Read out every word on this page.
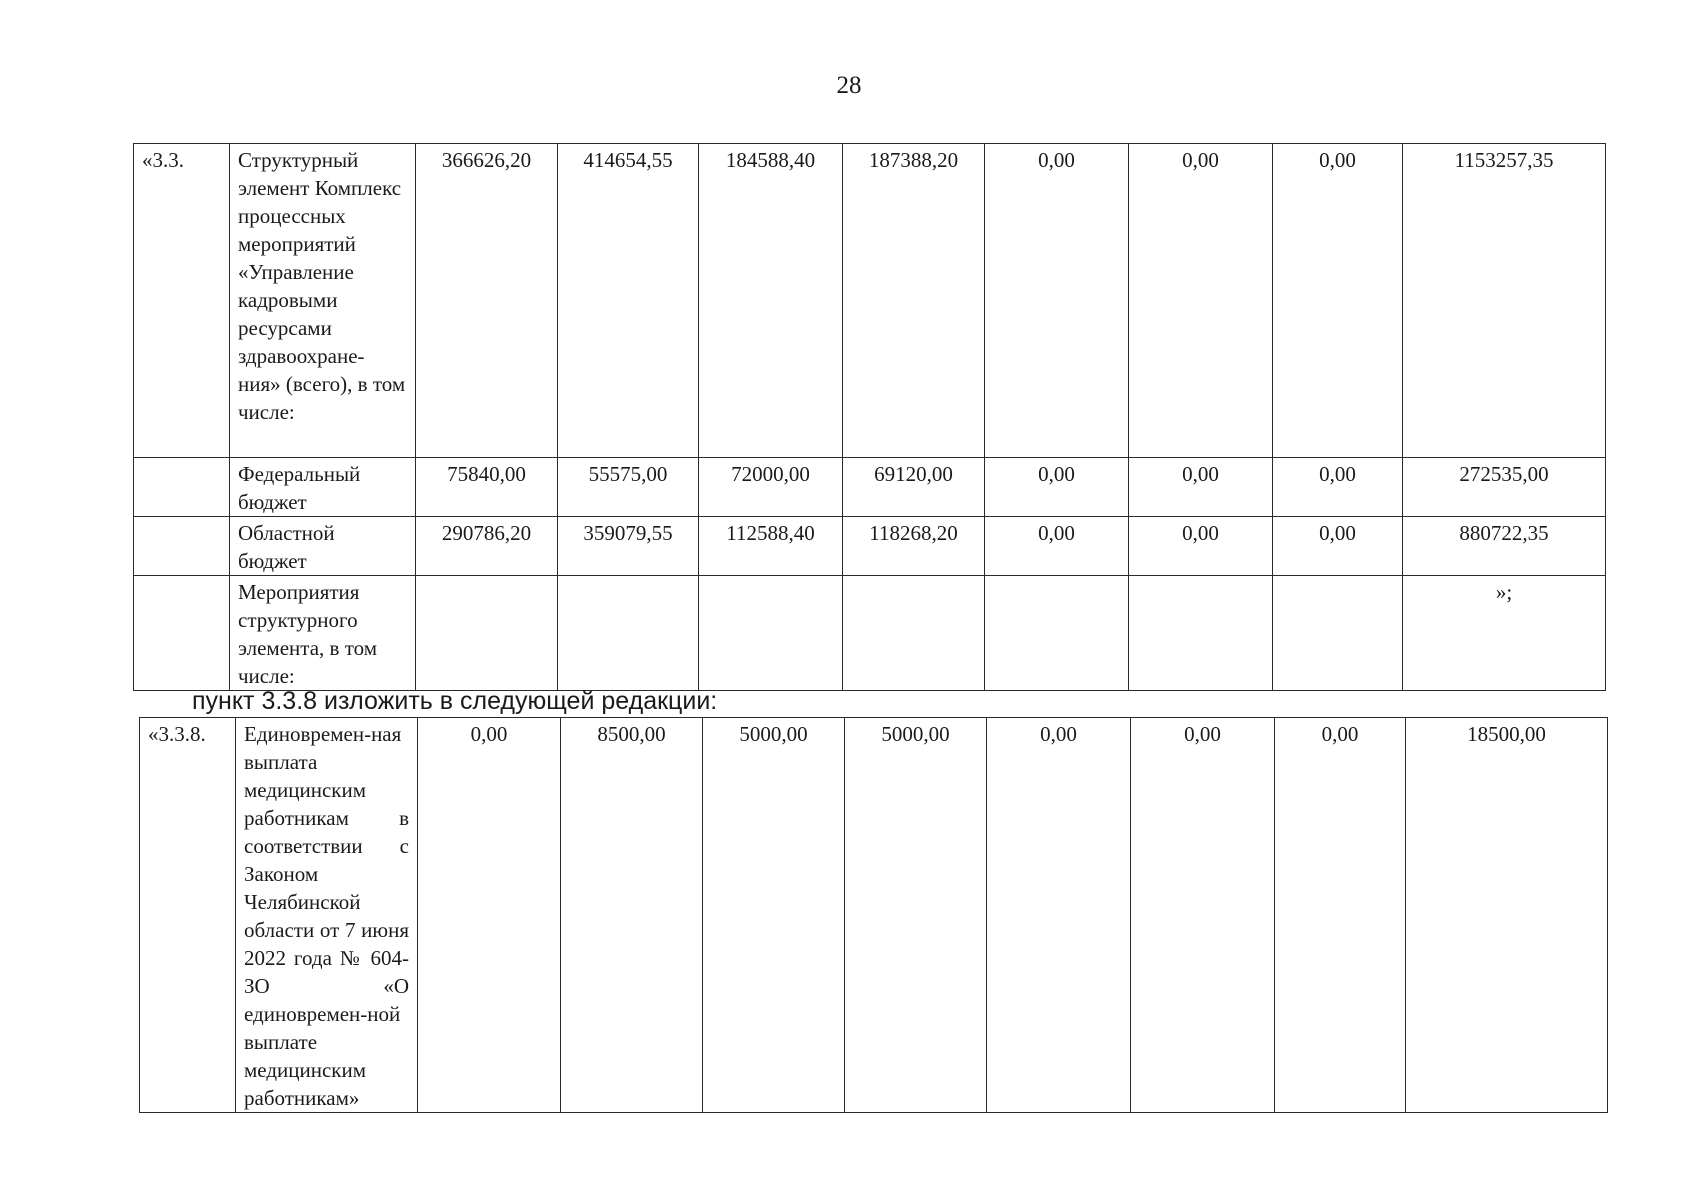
28
«3.3.	Структурный элемент Комплекс процессных мероприятий «Управление кадровыми ресурсами здравоохране-ния» (всего), в том числе:	366626,20	414654,55	184588,40	187388,20	0,00	0,00	0,00	1153257,35
	Федеральный бюджет	75840,00	55575,00	72000,00	69120,00	0,00	0,00	0,00	272535,00
	Областной бюджет	290786,20	359079,55	112588,40	118268,20	0,00	0,00	0,00	880722,35
	Мероприятия структурного элемента, в том числе:								»;
пункт 3.3.8 изложить в следующей редакции:
«3.3.8.	Единовремен-ная выплата медицинским работникам в соответствии с Законом Челябинской области от 7 июня 2022 года № 604-ЗО «О единовремен-ной выплате медицинским работникам»	0,00	8500,00	5000,00	5000,00	0,00	0,00	0,00	18500,00
